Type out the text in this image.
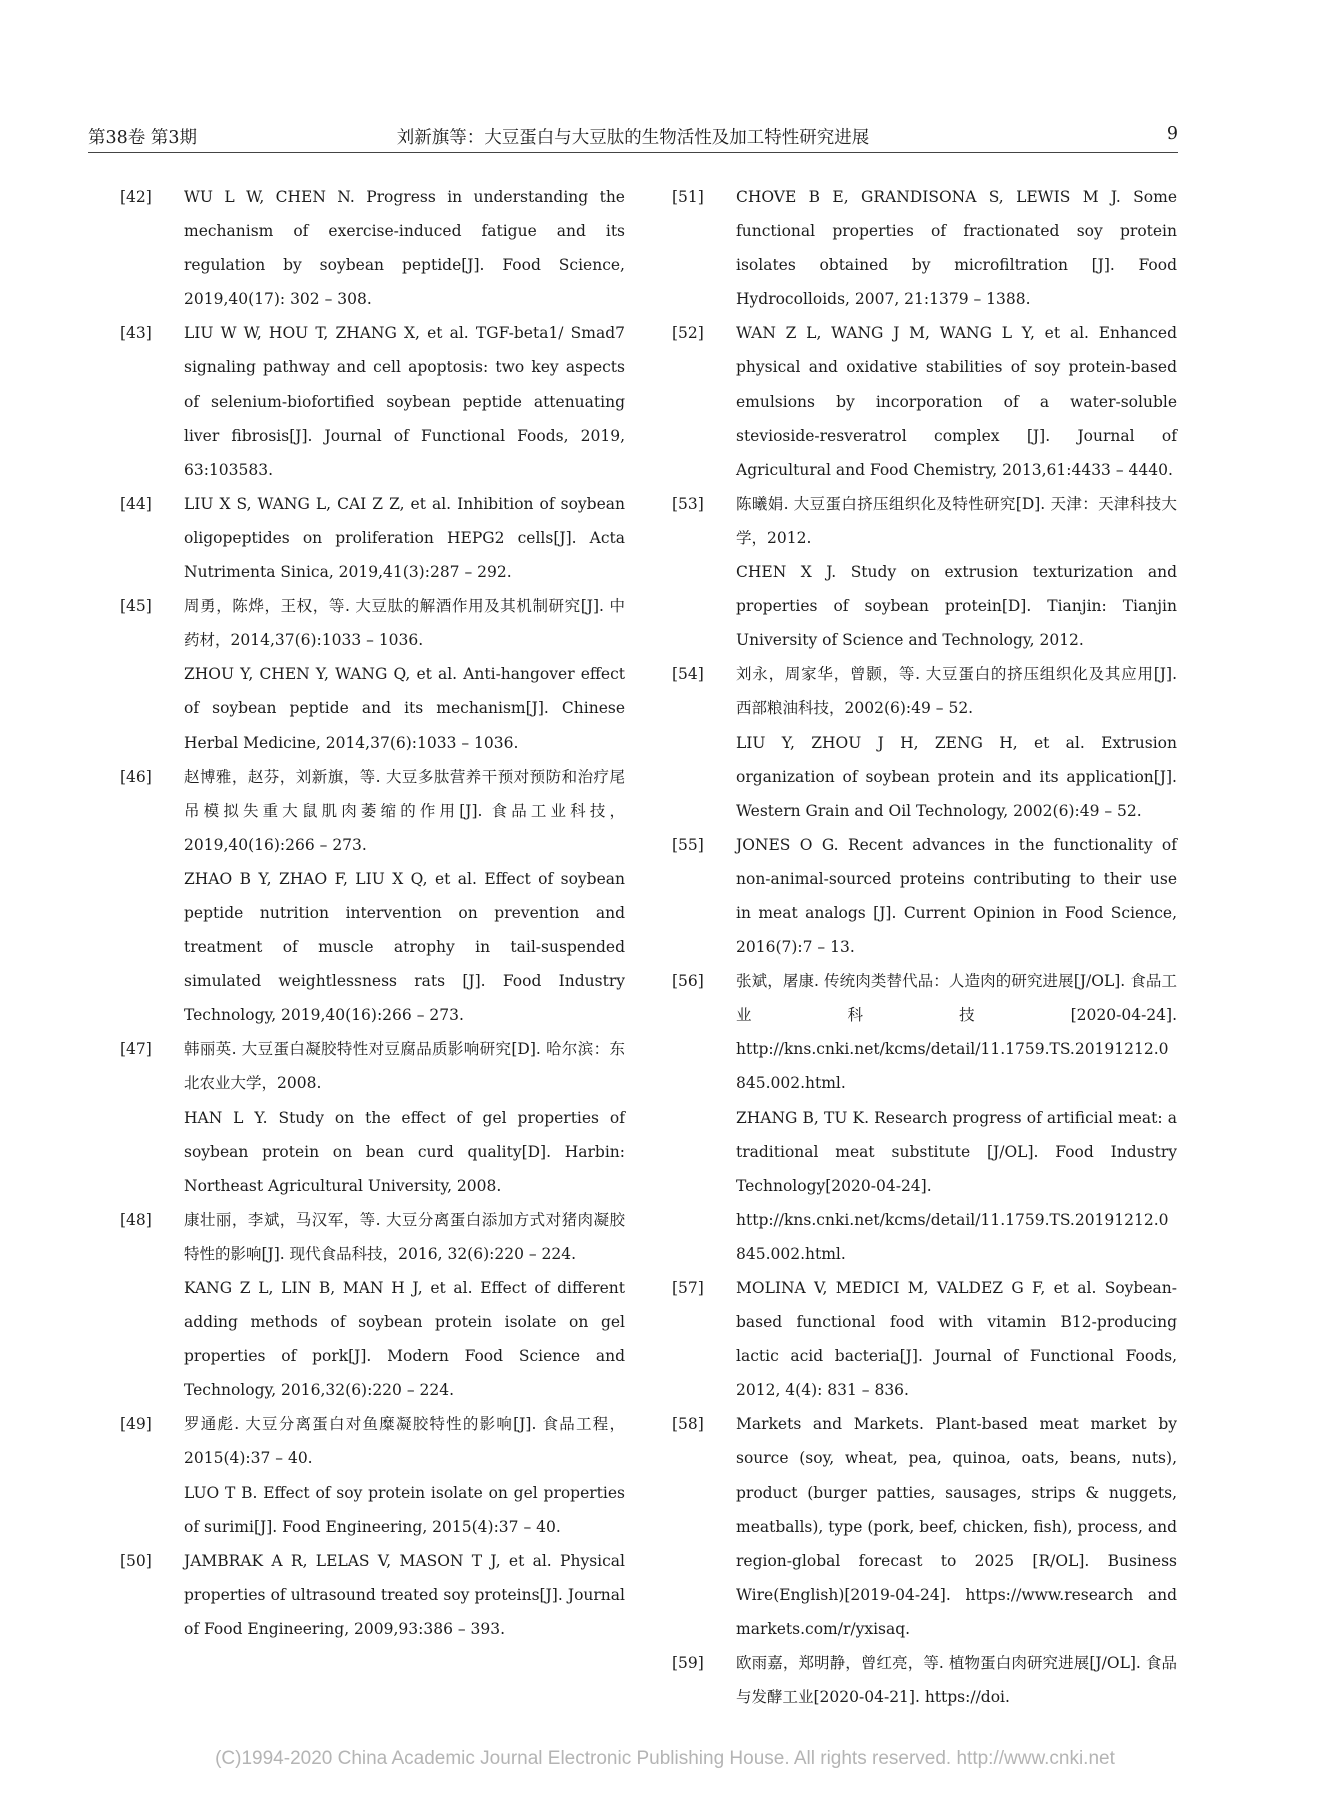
第38卷 第3期	刘新旗等：大豆蛋白与大豆肽的生物活性及加工特性研究进展	9
[42] WU L W, CHEN N. Progress in understanding the mechanism of exercise-induced fatigue and its regulation by soybean peptide[J]. Food Science, 2019,40(17): 302 – 308.
[43] LIU W W, HOU T, ZHANG X, et al. TGF-beta1/ Smad7 signaling pathway and cell apoptosis: two key aspects of selenium-biofortified soybean peptide attenuating liver fibrosis[J]. Journal of Functional Foods, 2019, 63:103583.
[44] LIU X S, WANG L, CAI Z Z, et al. Inhibition of soybean oligopeptides on proliferation HEPG2 cells[J]. Acta Nutrimenta Sinica, 2019,41(3):287 – 292.
[45] 周勇，陈烨，王权，等. 大豆肽的解酒作用及其机制研究[J]. 中药材，2014,37(6):1033 – 1036.
ZHOU Y, CHEN Y, WANG Q, et al. Anti-hangover effect of soybean peptide and its mechanism[J]. Chinese Herbal Medicine, 2014,37(6):1033 – 1036.
[46] 赵博雅，赵芬，刘新旗，等. 大豆多肽营养干预对预防和治疗尾吊模拟失重大鼠肌肉萎缩的作用[J]. 食品工业科技，2019,40(16):266 – 273.
ZHAO B Y, ZHAO F, LIU X Q, et al. Effect of soybean peptide nutrition intervention on prevention and treatment of muscle atrophy in tail-suspended simulated weightlessness rats [J]. Food Industry Technology, 2019,40(16):266 – 273.
[47] 韩丽英. 大豆蛋白凝胶特性对豆腐品质影响研究[D]. 哈尔滨：东北农业大学，2008.
HAN L Y. Study on the effect of gel properties of soybean protein on bean curd quality[D]. Harbin: Northeast Agricultural University, 2008.
[48] 康壮丽，李斌，马汉军，等. 大豆分离蛋白添加方式对猪肉凝胶特性的影响[J]. 现代食品科技，2016, 32(6):220 – 224.
KANG Z L, LIN B, MAN H J, et al. Effect of different adding methods of soybean protein isolate on gel properties of pork[J]. Modern Food Science and Technology, 2016,32(6):220 – 224.
[49] 罗通彪. 大豆分离蛋白对鱼糜凝胶特性的影响[J]. 食品工程，2015(4):37 – 40.
LUO T B. Effect of soy protein isolate on gel properties of surimi[J]. Food Engineering, 2015(4):37 – 40.
[50] JAMBRAK A R, LELAS V, MASON T J, et al. Physical properties of ultrasound treated soy proteins[J]. Journal of Food Engineering, 2009,93:386 – 393.
[51] CHOVE B E, GRANDISONA S, LEWIS M J. Some functional properties of fractionated soy protein isolates obtained by microfiltration [J]. Food Hydrocolloids, 2007, 21:1379 – 1388.
[52] WAN Z L, WANG J M, WANG L Y, et al. Enhanced physical and oxidative stabilities of soy protein-based emulsions by incorporation of a water-soluble stevioside-resveratrol complex [J]. Journal of Agricultural and Food Chemistry, 2013,61:4433 – 4440.
[53] 陈曦娟. 大豆蛋白挤压组织化及特性研究[D]. 天津：天津科技大学，2012.
CHEN X J. Study on extrusion texturization and properties of soybean protein[D]. Tianjin: Tianjin University of Science and Technology, 2012.
[54] 刘永，周家华，曾颢，等. 大豆蛋白的挤压组织化及其应用[J]. 西部粮油科技，2002(6):49 – 52.
LIU Y, ZHOU J H, ZENG H, et al. Extrusion organization of soybean protein and its application[J]. Western Grain and Oil Technology, 2002(6):49 – 52.
[55] JONES O G. Recent advances in the functionality of non-animal-sourced proteins contributing to their use in meat analogs [J]. Current Opinion in Food Science, 2016(7):7 – 13.
[56] 张斌，屠康. 传统肉类替代品：人造肉的研究进展[J/OL]. 食品工业科技[2020-04-24]. http://kns.cnki.net/kcms/detail/11.1759.TS.20191212.0845.002.html.
ZHANG B, TU K. Research progress of artificial meat: a traditional meat substitute [J/OL]. Food Industry Technology[2020-04-24]. http://kns.cnki.net/kcms/detail/11.1759.TS.20191212.0845.002.html.
[57] MOLINA V, MEDICI M, VALDEZ G F, et al. Soybean-based functional food with vitamin B12-producing lactic acid bacteria[J]. Journal of Functional Foods, 2012, 4(4): 831 – 836.
[58] Markets and Markets. Plant-based meat market by source (soy, wheat, pea, quinoa, oats, beans, nuts), product (burger patties, sausages, strips & nuggets, meatballs), type (pork, beef, chicken, fish), process, and region-global forecast to 2025 [R/OL]. Business Wire(English)[2019-04-24]. https://www.research and markets.com/r/yxisaq.
[59] 欧雨嘉，郑明静，曾红亮，等. 植物蛋白肉研究进展[J/OL]. 食品与发酵工业[2020-04-21]. https://doi.
(C)1994-2020 China Academic Journal Electronic Publishing House. All rights reserved. http://www.cnki.net
